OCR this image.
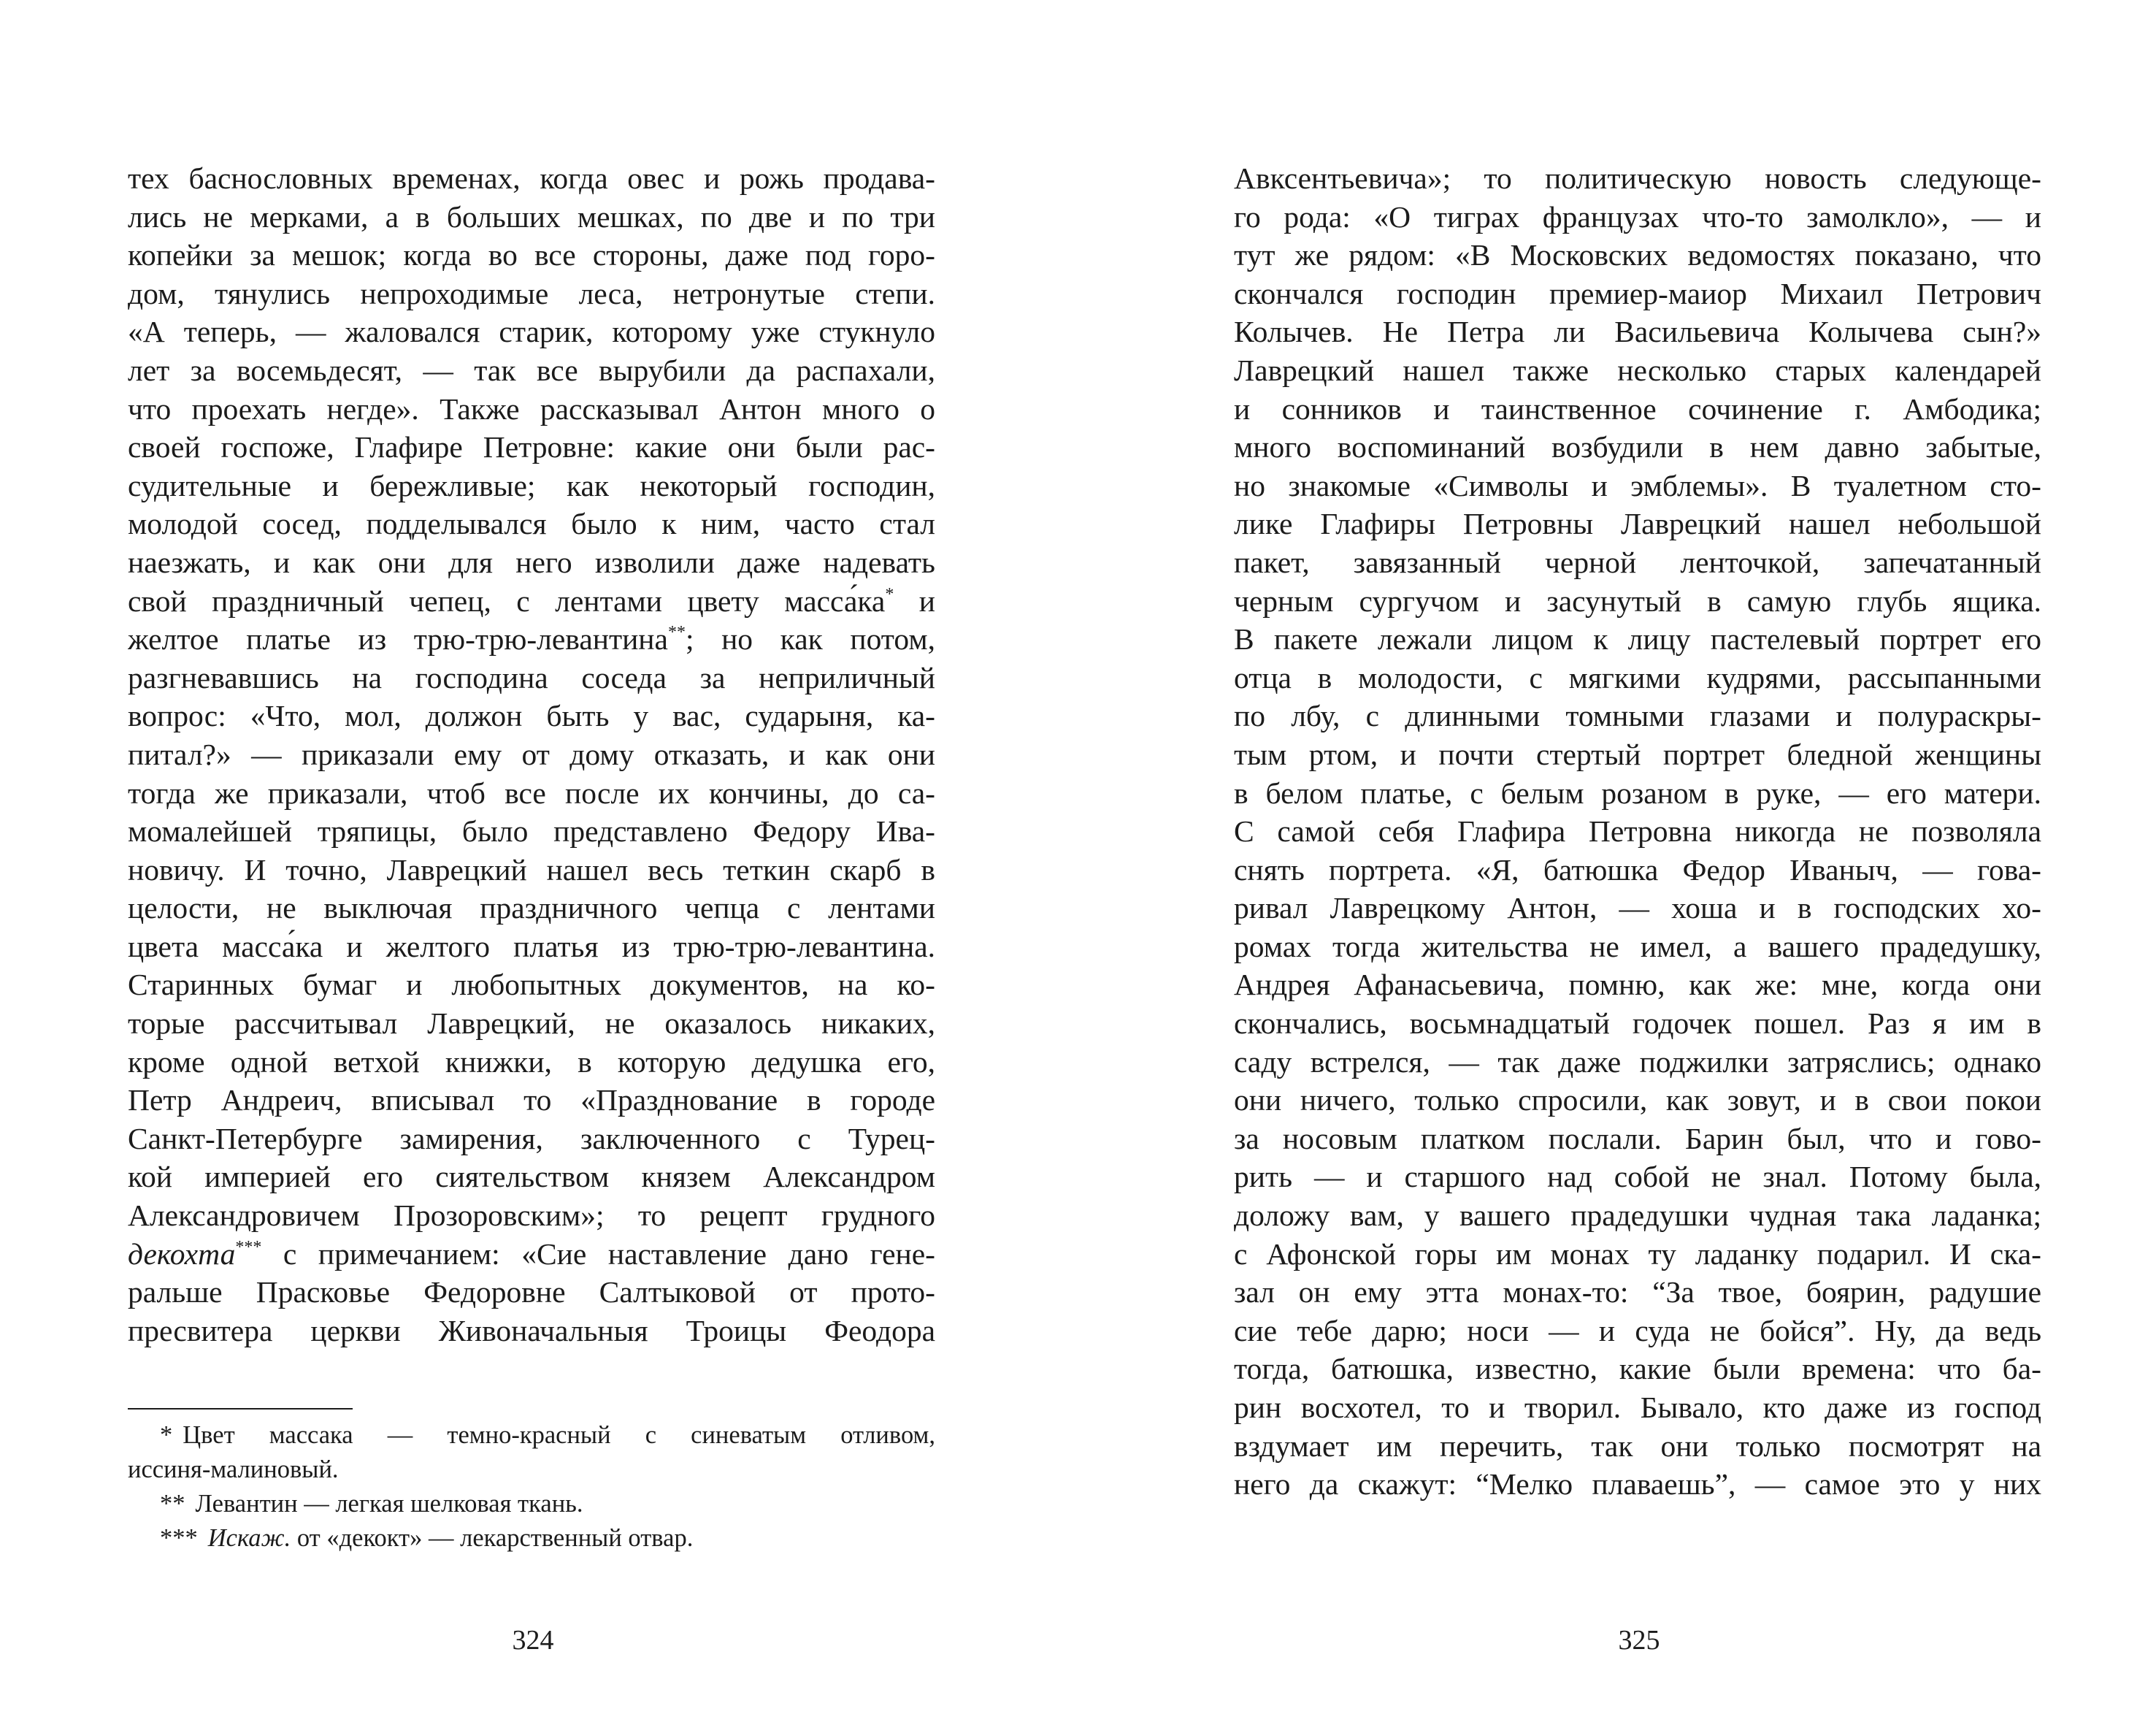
тех баснословных временах, когда овес и рожь продава-
лись не мерками, а в больших мешках, по две и по три
копейки за мешок; когда во все стороны, даже под горо-
дом, тянулись непроходимые леса, нетронутые степи.
«А теперь, — жаловался старик, которому уже стукнуло
лет за восемьдесят, — так все вырубили да распахали,
что проехать негде». Также рассказывал Антон много о
своей госпоже, Глафире Петровне: какие они были рас-
судительные и бережливые; как некоторый господин,
молодой сосед, подделывался было к ним, часто стал
наезжать, и как они для него изволили даже надевать
свой праздничный чепец, с лентами цвету масса́ка* и
желтое платье из трю-трю-левантина**; но как потом,
разгневавшись на господина соседа за неприличный
вопрос: «Что, мол, должон быть у вас, сударыня, ка-
питал?» — приказали ему от дому отказать, и как они
тогда же приказали, чтоб все после их кончины, до са-
момалейшей тряпицы, было представлено Федору Ива-
новичу. И точно, Лаврецкий нашел весь теткин скарб в
целости, не выключая праздничного чепца с лентами
цвета масса́ка и желтого платья из трю-трю-левантина.
Старинных бумаг и любопытных документов, на ко-
торые рассчитывал Лаврецкий, не оказалось никаких,
кроме одной ветхой книжки, в которую дедушка его,
Петр Андреич, вписывал то «Празднование в городе
Санкт-Петербурге замирения, заключенного с Турец-
кой империей его сиятельством князем Александром
Александровичем Прозоровским»; то рецепт грудного
декохта*** с примечанием: «Сие наставление дано гене-
ральше Прасковье Федоровне Салтыковой от прото-
пресвитера церкви Живоначальныя Троицы Феодора
* Цвет массака — темно-красный с синеватым отливом,
иссиня-малиновый.
** Левантин — легкая шелковая ткань.
*** Искаж. от «декокт» — лекарственный отвар.
324
Авксентьевича»; то политическую новость следующе-
го рода: «О тиграх французах что-то замолкло», — и
тут же рядом: «В Московских ведомостях показано, что
скончался господин премиер-маиор Михаил Петрович
Колычев. Не Петра ли Васильевича Колычева сын?»
Лаврецкий нашел также несколько старых календарей
и сонников и таинственное сочинение г. Амбодика;
много воспоминаний возбудили в нем давно забытые,
но знакомые «Символы и эмблемы». В туалетном сто-
лике Глафиры Петровны Лаврецкий нашел небольшой
пакет, завязанный черной ленточкой, запечатанный
черным сургучом и засунутый в самую глубь ящика.
В пакете лежали лицом к лицу пастелевый портрет его
отца в молодости, с мягкими кудрями, рассыпанными
по лбу, с длинными томными глазами и полураскры-
тым ртом, и почти стертый портрет бледной женщины
в белом платье, с белым розаном в руке, — его матери.
С самой себя Глафира Петровна никогда не позволяла
снять портрета. «Я, батюшка Федор Иваныч, — гова-
ривал Лаврецкому Антон, — хоша и в господских хо-
ромах тогда жительства не имел, а вашего прадедушку,
Андрея Афанасьевича, помню, как же: мне, когда они
скончались, восьмнадцатый годочек пошел. Раз я им в
саду встрелся, — так даже поджилки затряслись; однако
они ничего, только спросили, как зовут, и в свои покои
за носовым платком послали. Барин был, что и гово-
рить — и старшого над собой не знал. Потому была,
доложу вам, у вашего прадедушки чудная така ладанка;
с Афонской горы им монах ту ладанку подарил. И ска-
зал он ему этта монах-то: “За твое, боярин, радушие
сие тебе дарю; носи — и суда не бойся”. Ну, да ведь
тогда, батюшка, известно, какие были времена: что ба-
рин восхотел, то и творил. Бывало, кто даже из господ
вздумает им перечить, так они только посмотрят на
него да скажут: “Мелко плаваешь”, — самое это у них
325
